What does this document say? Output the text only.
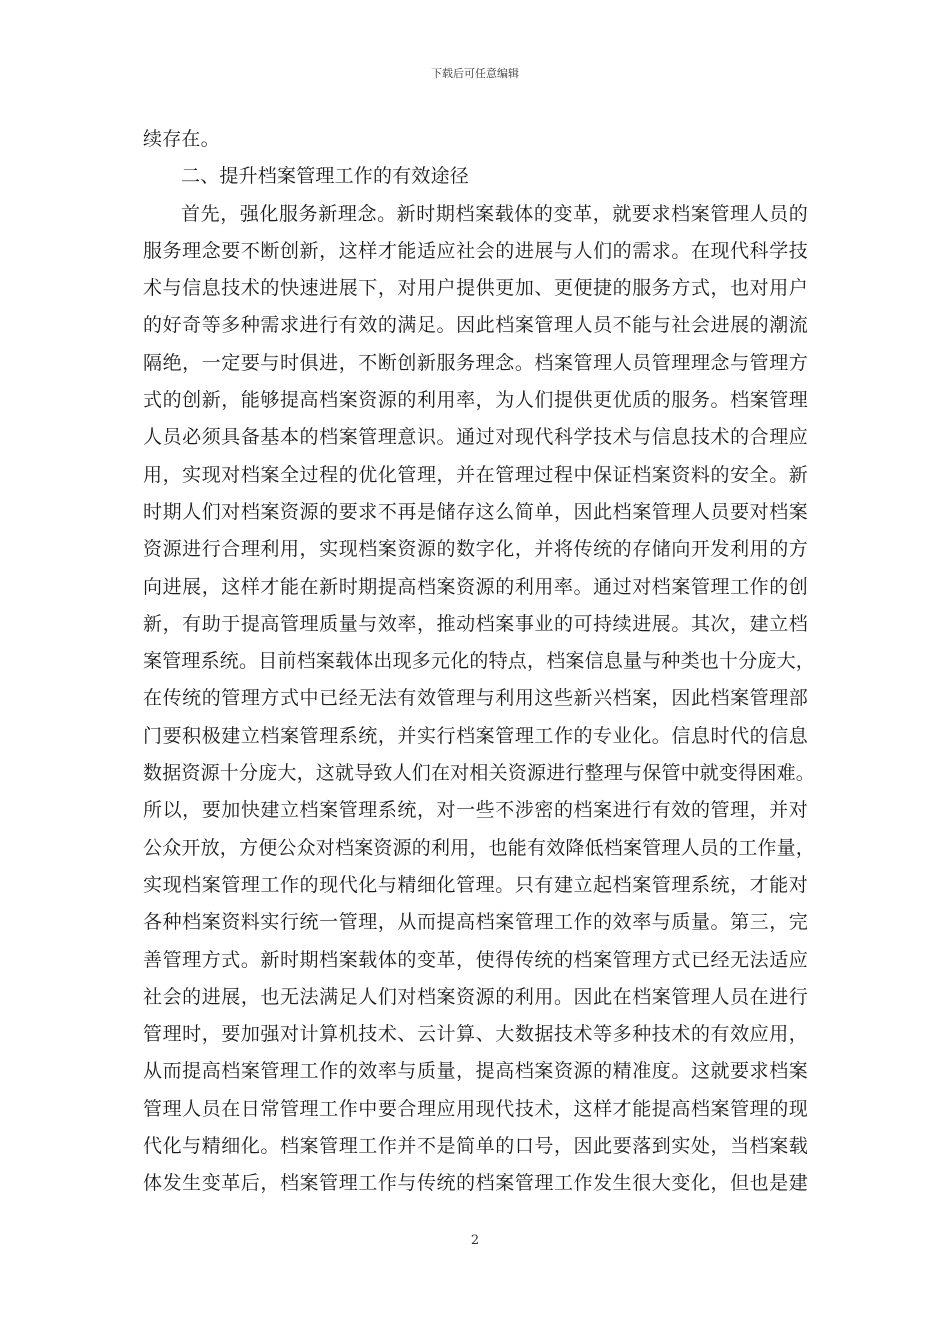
下载后可任意编辑
续存在。
二、提升档案管理工作的有效途径
首先，强化服务新理念。新时期档案载体的变革，就要求档案管理人员的
服务理念要不断创新，这样才能适应社会的进展与人们的需求。在现代科学技
术与信息技术的快速进展下，对用户提供更加、更便捷的服务方式，也对用户
的好奇等多种需求进行有效的满足。因此档案管理人员不能与社会进展的潮流
隔绝，一定要与时俱进，不断创新服务理念。档案管理人员管理理念与管理方
式的创新，能够提高档案资源的利用率，为人们提供更优质的服务。档案管理
人员必须具备基本的档案管理意识。通过对现代科学技术与信息技术的合理应
用，实现对档案全过程的优化管理，并在管理过程中保证档案资料的安全。新
时期人们对档案资源的要求不再是储存这么简单，因此档案管理人员要对档案
资源进行合理利用，实现档案资源的数字化，并将传统的存储向开发利用的方
向进展，这样才能在新时期提高档案资源的利用率。通过对档案管理工作的创
新，有助于提高管理质量与效率，推动档案事业的可持续进展。其次，建立档
案管理系统。目前档案载体出现多元化的特点，档案信息量与种类也十分庞大，
在传统的管理方式中已经无法有效管理与利用这些新兴档案，因此档案管理部
门要积极建立档案管理系统，并实行档案管理工作的专业化。信息时代的信息
数据资源十分庞大，这就导致人们在对相关资源进行整理与保管中就变得困难。
所以，要加快建立档案管理系统，对一些不涉密的档案进行有效的管理，并对
公众开放，方便公众对档案资源的利用，也能有效降低档案管理人员的工作量，
实现档案管理工作的现代化与精细化管理。只有建立起档案管理系统，才能对
各种档案资料实行统一管理，从而提高档案管理工作的效率与质量。第三，完
善管理方式。新时期档案载体的变革，使得传统的档案管理方式已经无法适应
社会的进展，也无法满足人们对档案资源的利用。因此在档案管理人员在进行
管理时，要加强对计算机技术、云计算、大数据技术等多种技术的有效应用，
从而提高档案管理工作的效率与质量，提高档案资源的精准度。这就要求档案
管理人员在日常管理工作中要合理应用现代技术，这样才能提高档案管理的现
代化与精细化。档案管理工作并不是简单的口号，因此要落到实处，当档案载
体发生变革后，档案管理工作与传统的档案管理工作发生很大变化，但也是建
2
